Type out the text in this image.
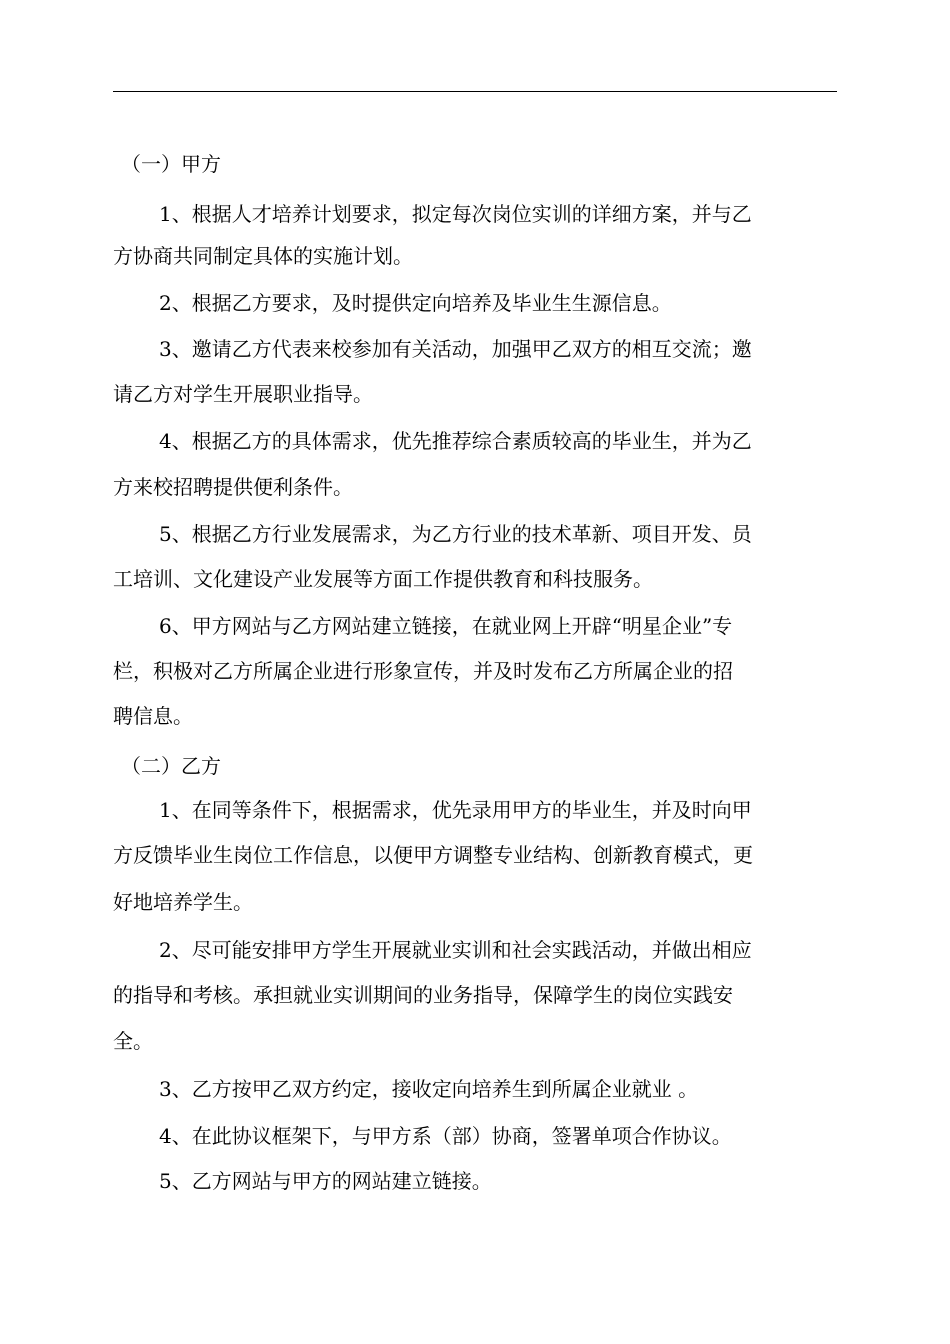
（一）甲方
1、根据人才培养计划要求，拟定每次岗位实训的详细方案，并与乙
方协商共同制定具体的实施计划。
2、根据乙方要求，及时提供定向培养及毕业生生源信息。
3、邀请乙方代表来校参加有关活动，加强甲乙双方的相互交流；邀
请乙方对学生开展职业指导。
4、根据乙方的具体需求，优先推荐综合素质较高的毕业生，并为乙
方来校招聘提供便利条件。
5、根据乙方行业发展需求，为乙方行业的技术革新、项目开发、员
工培训、文化建设产业发展等方面工作提供教育和科技服务。
6、甲方网站与乙方网站建立链接，在就业网上开辟“明星企业”专
栏，积极对乙方所属企业进行形象宣传，并及时发布乙方所属企业的招
聘信息。
（二）乙方
1、在同等条件下，根据需求，优先录用甲方的毕业生，并及时向甲
方反馈毕业生岗位工作信息，以便甲方调整专业结构、创新教育模式，更
好地培养学生。
2、尽可能安排甲方学生开展就业实训和社会实践活动，并做出相应
的指导和考核。承担就业实训期间的业务指导，保障学生的岗位实践安
全。
3、乙方按甲乙双方约定，接收定向培养生到所属企业就业 。
4、在此协议框架下，与甲方系（部）协商，签署单项合作协议。
5、乙方网站与甲方的网站建立链接。
